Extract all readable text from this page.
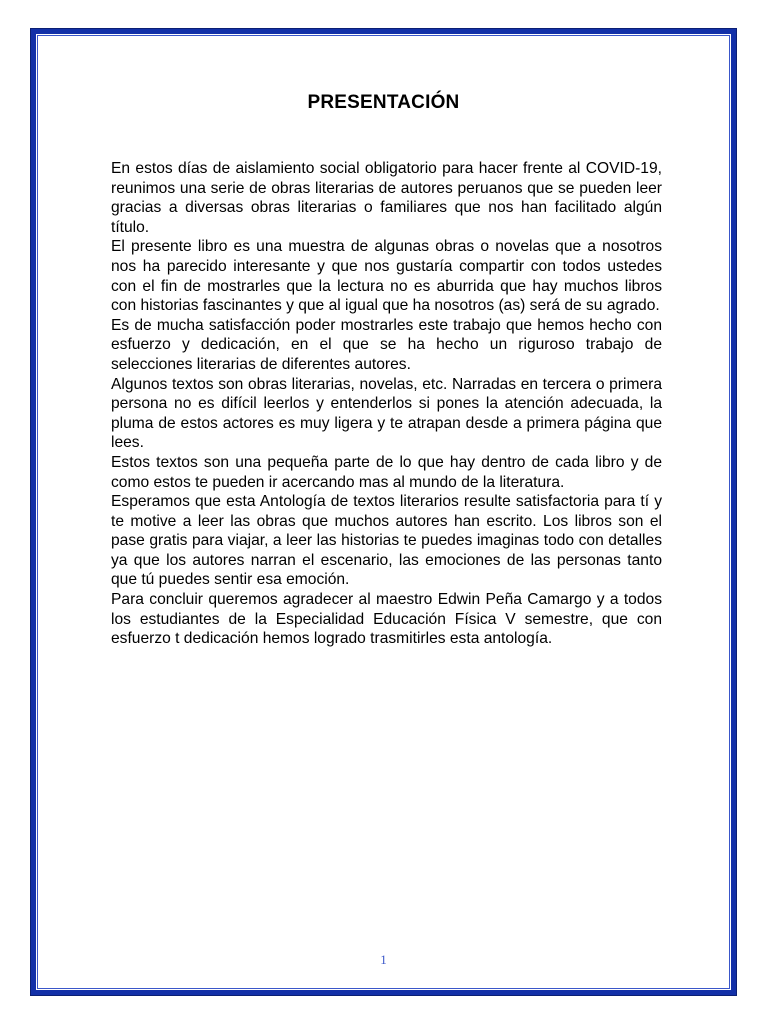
PRESENTACIÓN

En estos días de aislamiento social obligatorio para hacer frente al COVID-19, reunimos una serie de obras literarias de autores peruanos que se pueden leer gracias a diversas obras literarias o familiares que nos han facilitado algún título.

El presente libro es una muestra de algunas obras o novelas que a nosotros nos ha parecido interesante y que nos gustaría compartir con todos ustedes con el fin de mostrarles que la lectura no es aburrida que hay muchos libros con historias fascinantes y que al igual que ha nosotros (as) será de su agrado.

Es de mucha satisfacción poder mostrarles este trabajo que hemos hecho con esfuerzo y dedicación, en el que se ha hecho un riguroso trabajo de selecciones literarias de diferentes autores.

Algunos textos son obras literarias, novelas, etc. Narradas en tercera o primera persona no es difícil leerlos y entenderlos si pones la atención adecuada, la pluma de estos actores es muy ligera y te atrapan desde a primera página que lees.

Estos textos son una pequeña parte de lo que hay dentro de cada libro y de como estos te pueden ir acercando mas al mundo de la literatura.

Esperamos que esta Antología de textos literarios resulte satisfactoria para tí y te motive a leer las obras que muchos autores han escrito. Los libros son el pase gratis para viajar, a leer las historias te puedes imaginas todo con detalles ya que los autores narran el escenario, las emociones de las personas tanto que tú puedes sentir esa emoción.

Para concluir queremos agradecer al maestro Edwin Peña Camargo y a todos los estudiantes de la Especialidad Educación Física V semestre, que con esfuerzo t dedicación hemos logrado trasmitirles esta antología.

1
